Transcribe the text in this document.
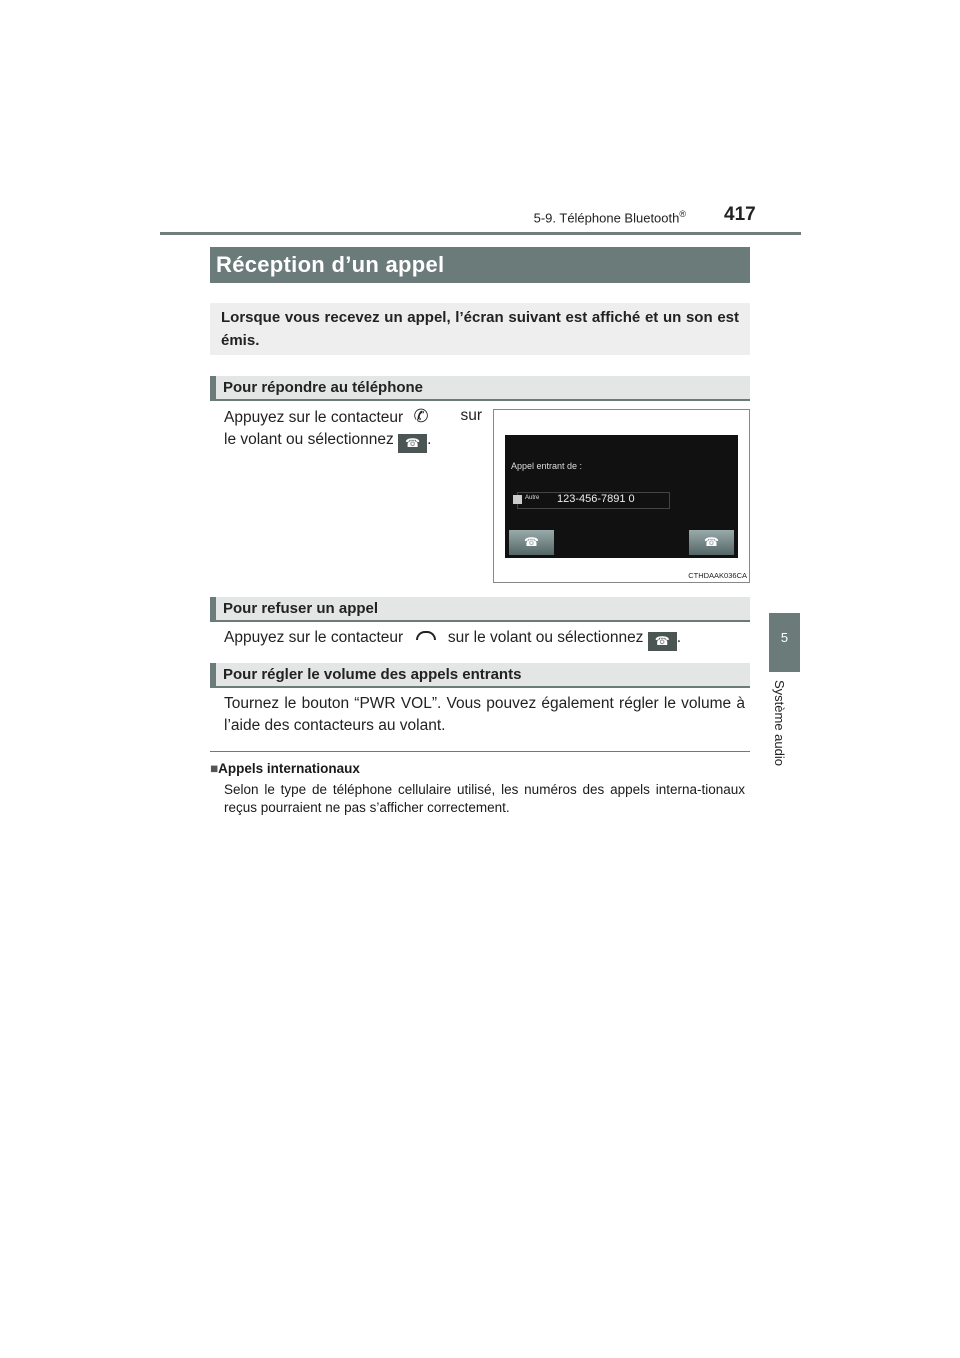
5-9. Téléphone Bluetooth® 417
Réception d’un appel
Lorsque vous recevez un appel, l’écran suivant est affiché et un son est émis.
Pour répondre au téléphone
Appuyez sur le contacteur ✆ sur

le volant ou sélectionnez ☎ .
CTHDAAK036CA
Appel entrant de :
Autre 123-456-7891 0
☎	☎
Pour refuser un appel
Appuyez sur le contacteur	sur le volant ou sélectionnez ☎ .
Pour régler le volume des appels entrants
Tournez le bouton “PWR VOL”. Vous pouvez également régler le volume à l’aide des contacteurs au volant.
■Appels internationaux
Selon le type de téléphone cellulaire utilisé, les numéros des appels interna-tionaux reçus pourraient ne pas s’afficher correctement.
5
Système audio
